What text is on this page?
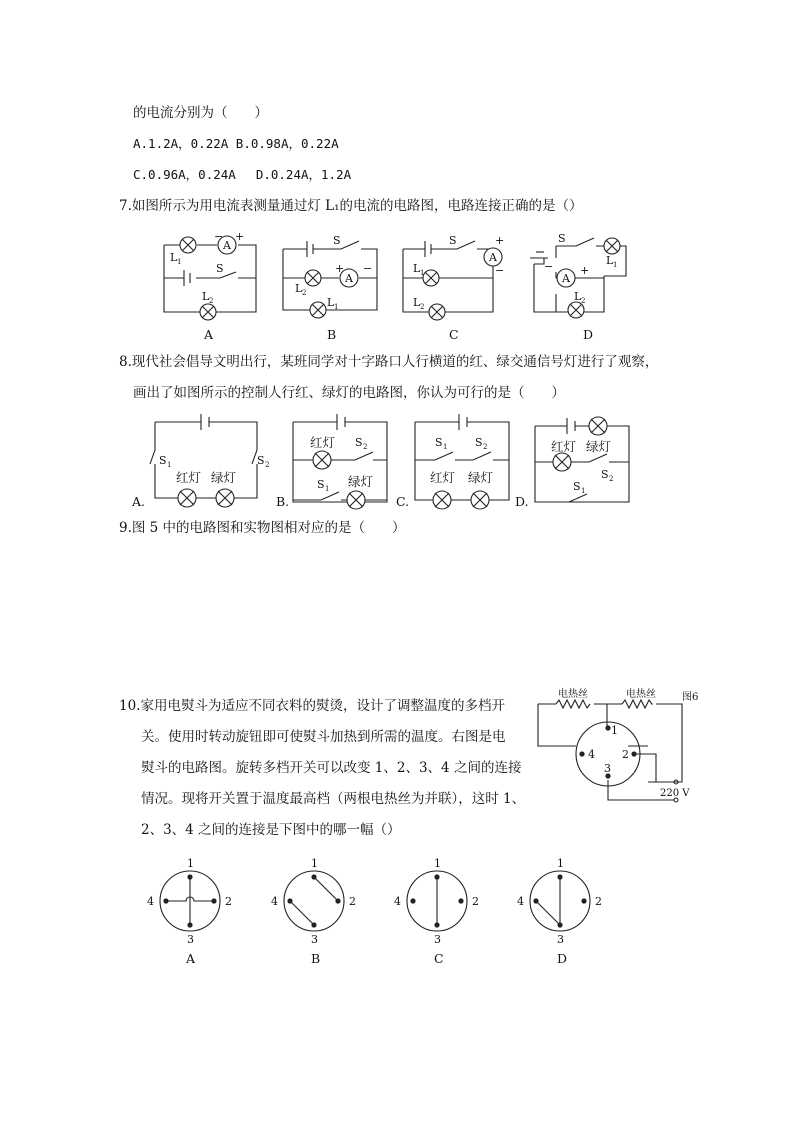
的电流分别为（　　）
A.1.2A，0.22A B.0.98A，0.22A
C.0.96A，0.24A　 D.0.24A，1.2A
7.如图所示为用电流表测量通过灯 L₁的电流的电路图，电路连接正确的是（）
A
L 1
− +
S
L 2
A
A
S
L 2
+ −
L 1
B
A
S
L 1
L 2
+
−
C
A
S
L 1
− +
L 2
D
8.现代社会倡导文明出行，某班同学对十字路口人行横道的红、绿交通信号灯进行了观察，
画出了如图所示的控制人行红、绿灯的电路图，你认为可行的是（　　）
S 1	S 2
红灯 绿灯
A.
S 2
S 1
红灯
绿灯
B.
S 1	S 2
红灯 绿灯
C.
S 2
S 1
红灯 绿灯
D.
9.图 5 中的电路图和实物图相对应的是（　　）
10.家用电熨斗为适应不同衣料的熨烫，设计了调整温度的多档开
关。使用时转动旋钮即可使熨斗加热到所需的温度。右图是电
熨斗的电路图。旋转多档开关可以改变 1、2、3、4 之间的连接
情况。现将开关置于温度最高档（两根电热丝为并联），这时 1、
2、3、4 之间的连接是下图中的哪一幅（）
1
2
3
4
电热丝	电热丝	图6
220 V
1
2
3
4
A
1
2
3
4
B
1
2
3
4
C
1
2
3
4
D
